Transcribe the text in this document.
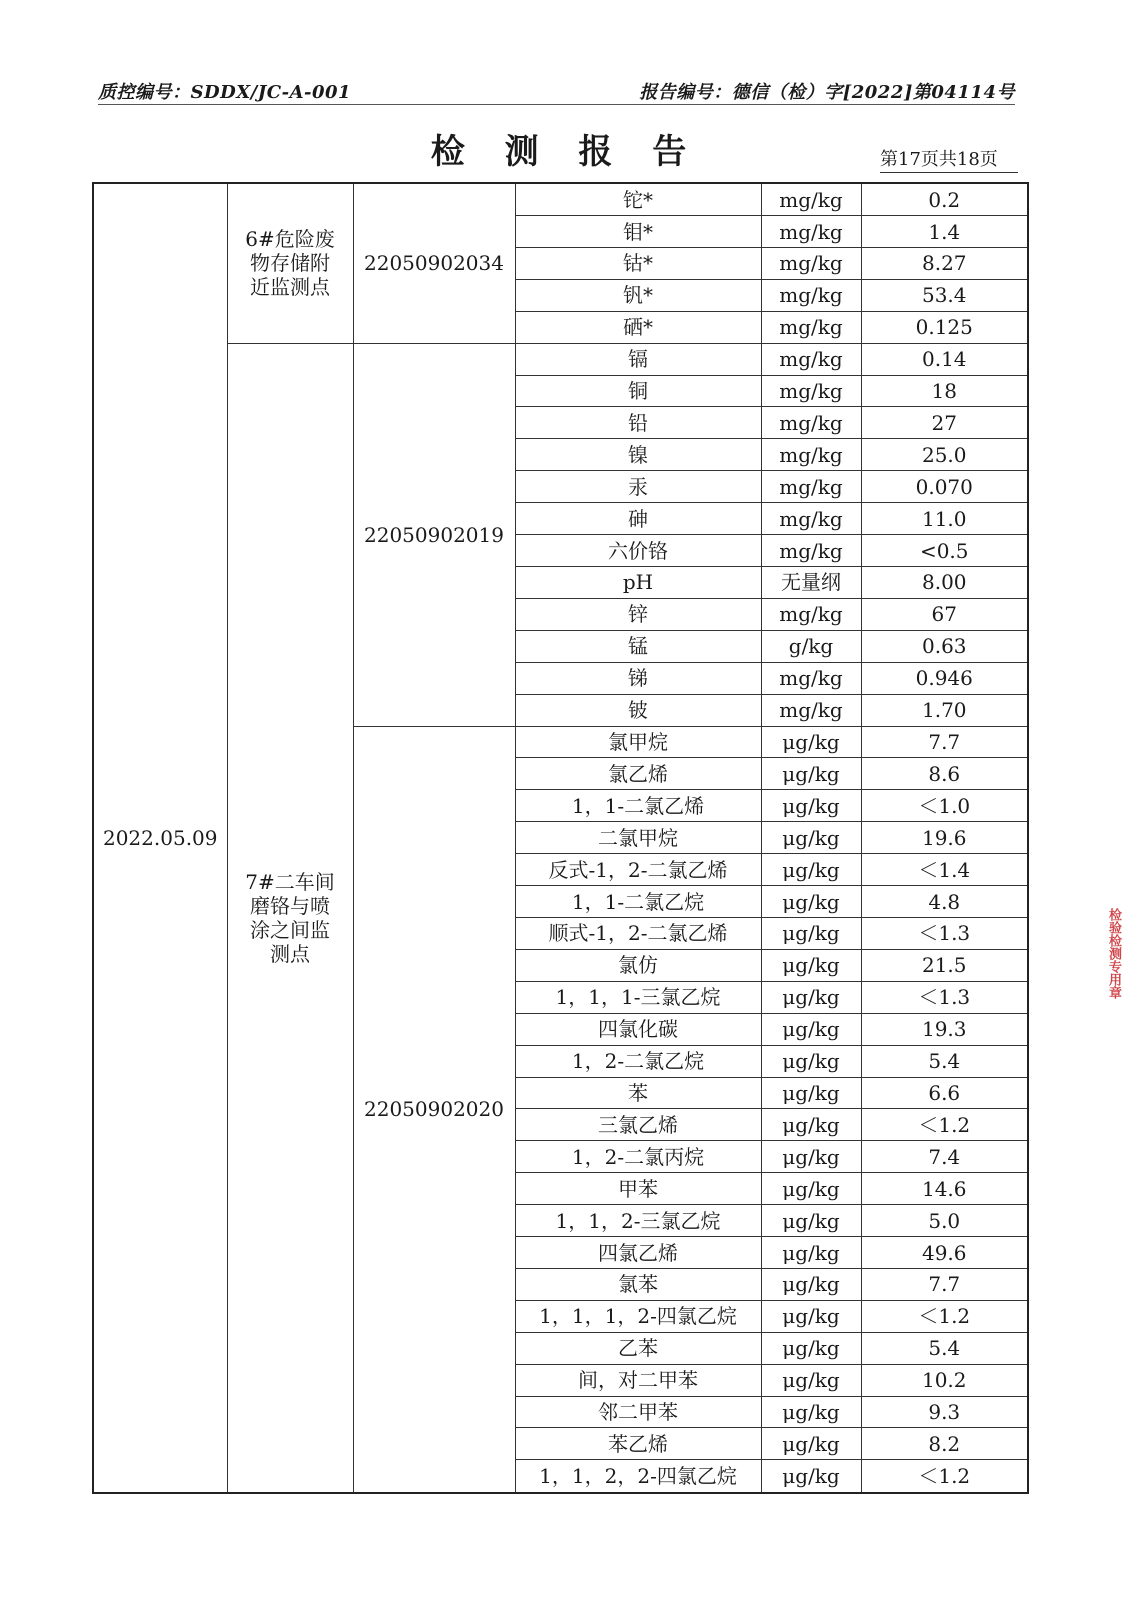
质控编号：SDDX/JC-A-001	报告编号：德信（检）字[2022]第04114号
检 测 报 告	第17页共18页
2022.05.09	6#危险废物存储附近监测点	22050902034	铊*	mg/kg	0.2
			钼*	mg/kg	1.4
			钴*	mg/kg	8.27
			钒*	mg/kg	53.4
			硒*	mg/kg	0.125
	7#二车间磨铬与喷涂之间监测点	22050902019	镉	mg/kg	0.14
			铜	mg/kg	18
			铅	mg/kg	27
			镍	mg/kg	25.0
			汞	mg/kg	0.070
			砷	mg/kg	11.0
			六价铬	mg/kg	<0.5
			pH	无量纲	8.00
			锌	mg/kg	67
			锰	g/kg	0.63
			锑	mg/kg	0.946
			铍	mg/kg	1.70
		22050902020	氯甲烷	μg/kg	7.7
			氯乙烯	μg/kg	8.6
			1，1-二氯乙烯	μg/kg	＜1.0
			二氯甲烷	μg/kg	19.6
			反式-1，2-二氯乙烯	μg/kg	＜1.4
			1，1-二氯乙烷	μg/kg	4.8
			顺式-1，2-二氯乙烯	μg/kg	＜1.3
			氯仿	μg/kg	21.5
			1，1，1-三氯乙烷	μg/kg	＜1.3
			四氯化碳	μg/kg	19.3
			1，2-二氯乙烷	μg/kg	5.4
			苯	μg/kg	6.6
			三氯乙烯	μg/kg	＜1.2
			1，2-二氯丙烷	μg/kg	7.4
			甲苯	μg/kg	14.6
			1，1，2-三氯乙烷	μg/kg	5.0
			四氯乙烯	μg/kg	49.6
			氯苯	μg/kg	7.7
			1，1，1，2-四氯乙烷	μg/kg	＜1.2
			乙苯	μg/kg	5.4
			间，对二甲苯	μg/kg	10.2
			邻二甲苯	μg/kg	9.3
			苯乙烯	μg/kg	8.2
			1，1，2，2-四氯乙烷	μg/kg	＜1.2
检验检测专用章
